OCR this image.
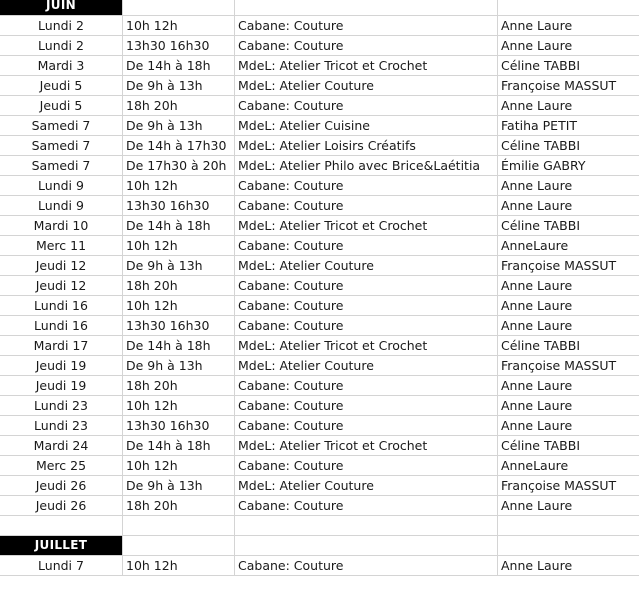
JUIN
Lundi 2	10h 12h	Cabane: Couture	Anne Laure
Lundi 2	13h30 16h30	Cabane: Couture	Anne Laure
Mardi 3	De 14h à 18h	MdeL: Atelier Tricot et Crochet	Céline TABBI
Jeudi 5	De 9h à 13h	MdeL: Atelier Couture	Françoise MASSUT
Jeudi 5	18h 20h	Cabane: Couture	Anne Laure
Samedi 7	De 9h à 13h	MdeL: Atelier Cuisine	Fatiha PETIT
Samedi 7	De 14h à 17h30 MdeL: Atelier Loisirs Créatifs	Céline TABBI
Samedi 7	De 17h30 à 20h MdeL: Atelier Philo avec Brice&Laétitia	Émilie GABRY
Lundi 9	10h 12h	Cabane: Couture	Anne Laure
Lundi 9	13h30 16h30	Cabane: Couture	Anne Laure
Mardi 10	De 14h à 18h	MdeL: Atelier Tricot et Crochet	Céline TABBI
Merc 11	10h 12h	Cabane: Couture	AnneLaure
Jeudi 12	De 9h à 13h	MdeL: Atelier Couture	Françoise MASSUT
Jeudi 12	18h 20h	Cabane: Couture	Anne Laure
Lundi 16	10h 12h	Cabane: Couture	Anne Laure
Lundi 16	13h30 16h30	Cabane: Couture	Anne Laure
Mardi 17	De 14h à 18h	MdeL: Atelier Tricot et Crochet	Céline TABBI
Jeudi 19	De 9h à 13h	MdeL: Atelier Couture	Françoise MASSUT
Jeudi 19	18h 20h	Cabane: Couture	Anne Laure
Lundi 23	10h 12h	Cabane: Couture	Anne Laure
Lundi 23	13h30 16h30	Cabane: Couture	Anne Laure
Mardi 24	De 14h à 18h	MdeL: Atelier Tricot et Crochet	Céline TABBI
Merc 25	10h 12h	Cabane: Couture	AnneLaure
Jeudi 26	De 9h à 13h	MdeL: Atelier Couture	Françoise MASSUT
Jeudi 26	18h 20h	Cabane: Couture	Anne Laure
JUILLET
Lundi 7	10h 12h	Cabane: Couture	Anne Laure
